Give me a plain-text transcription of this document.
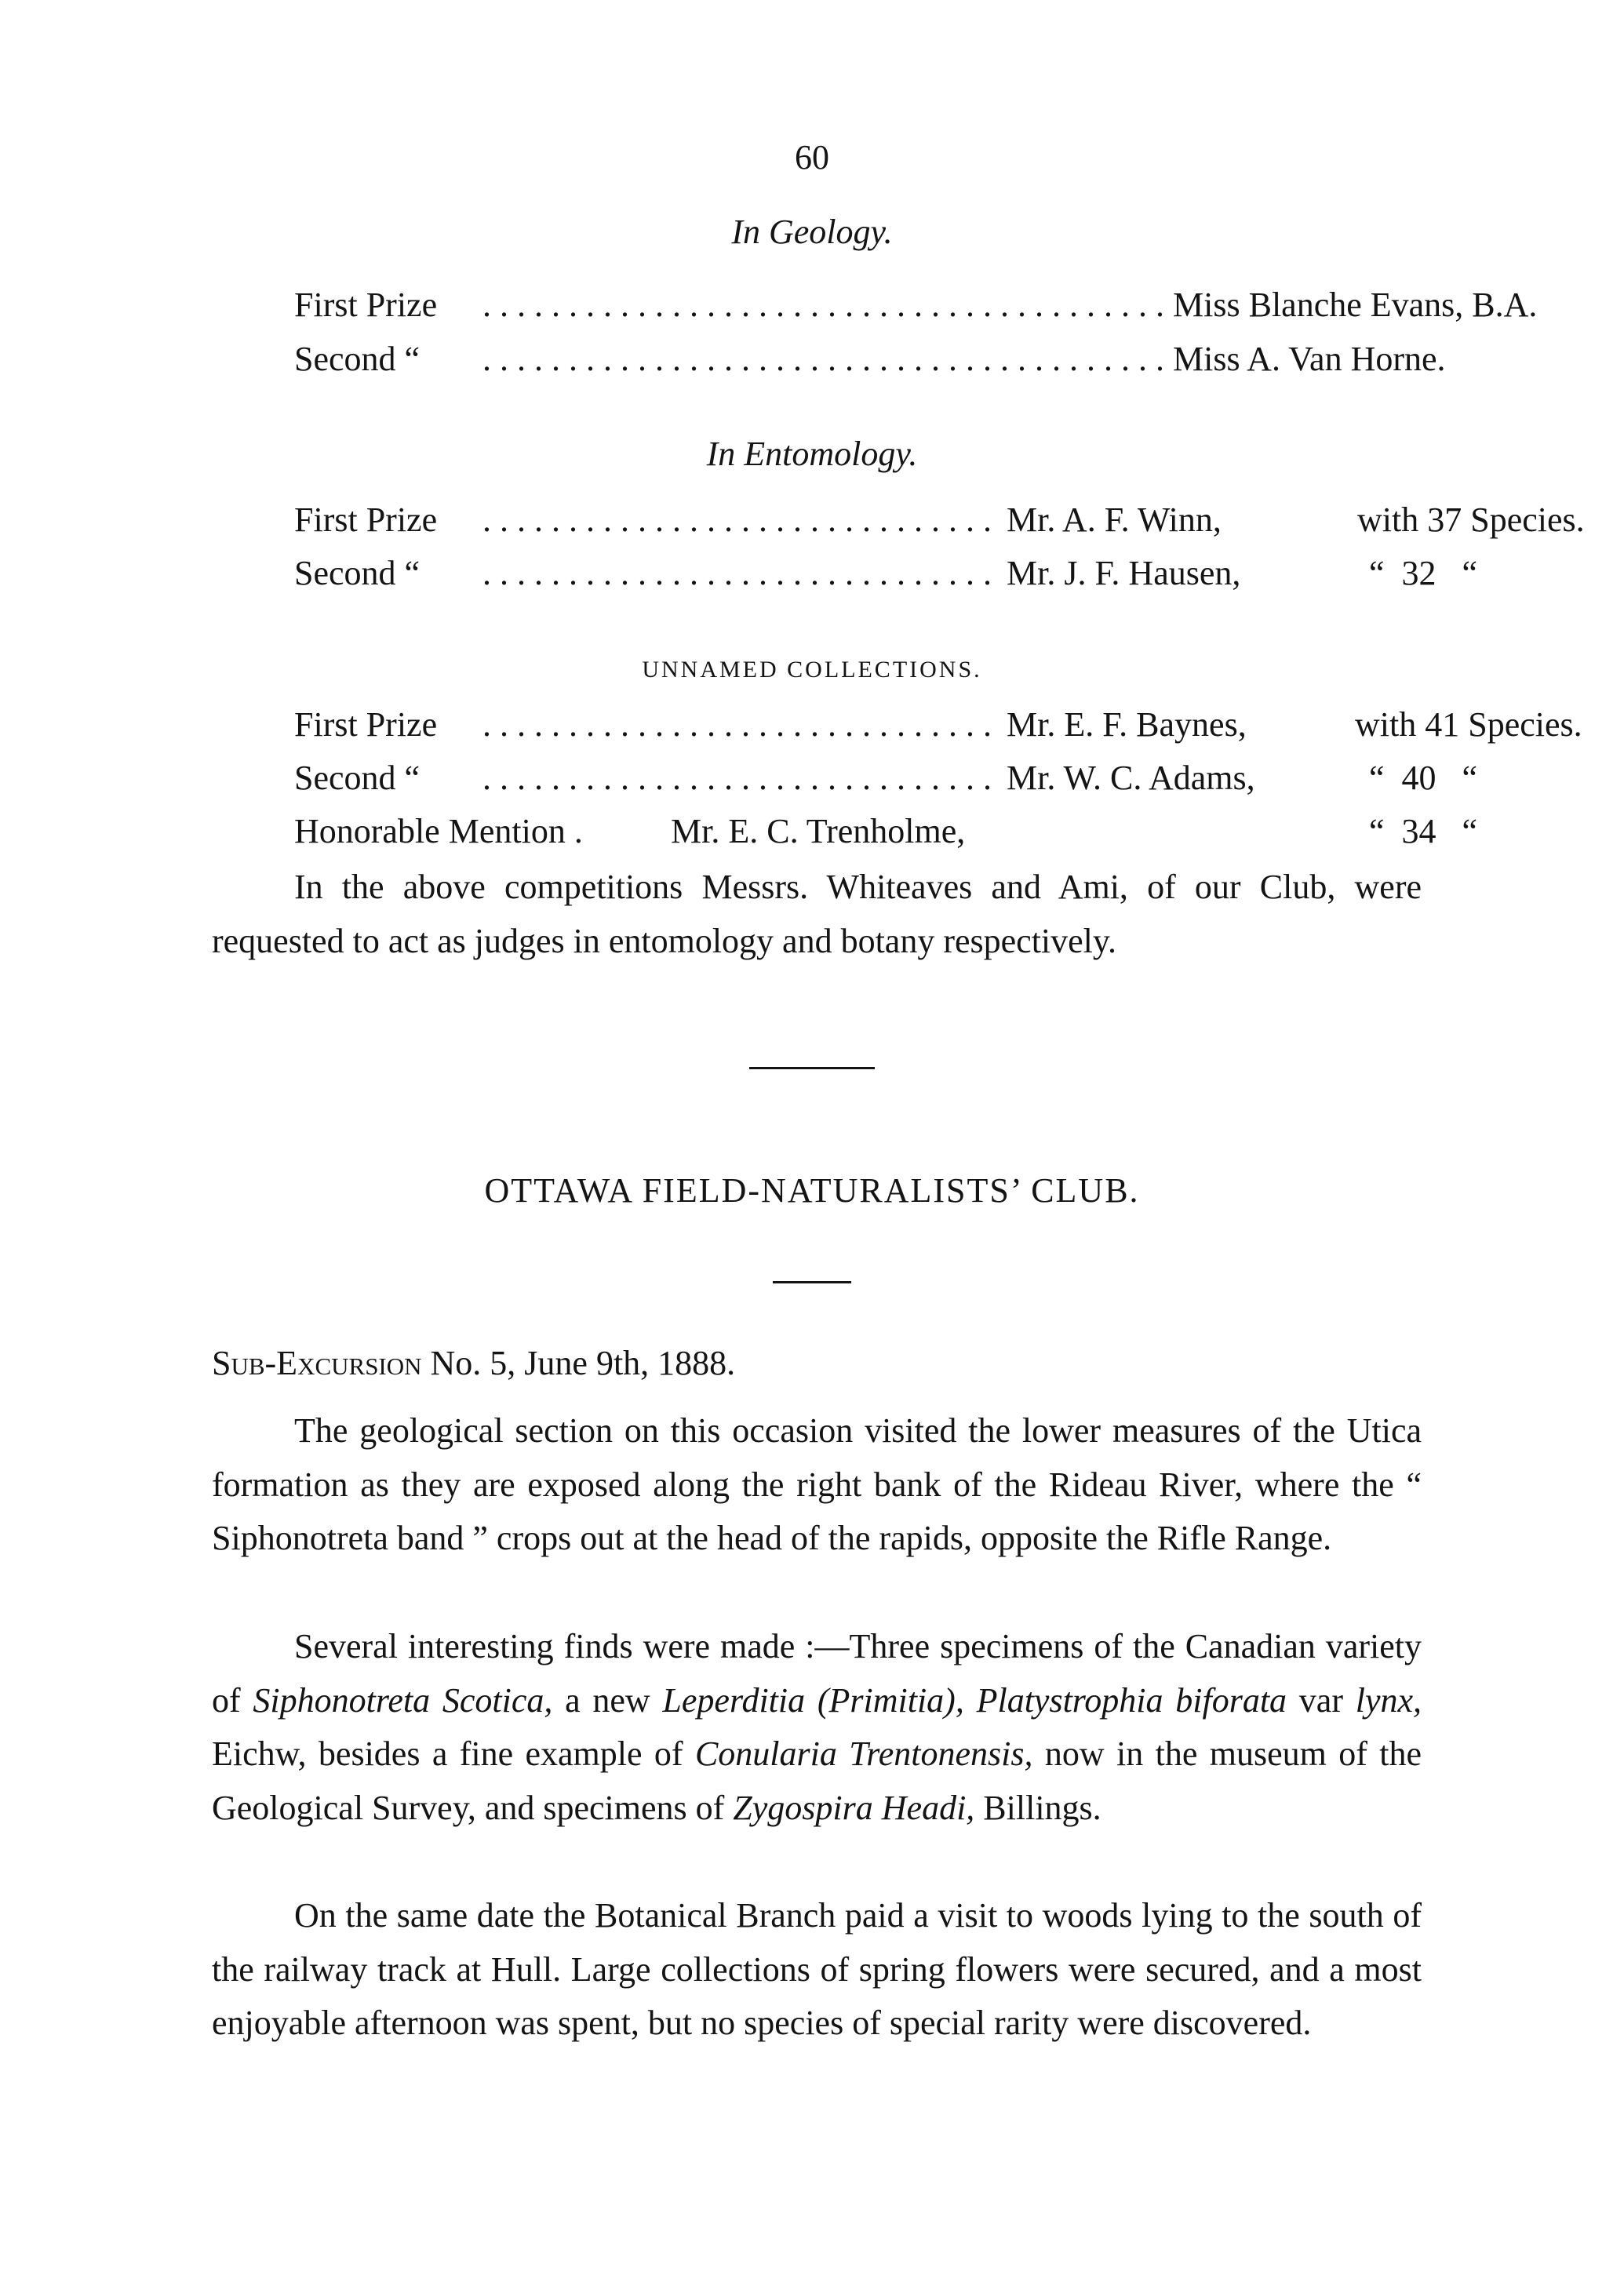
60
In Geology.
First Prize . . .	Miss Blanche Evans, B.A.
Second “ . . .	Miss A. Van Horne.
In Entomology.
First Prize . . .	Mr. A. F. Winn,	with 37 Species.
Second “ . . .	Mr. J. F. Hausen,	“  32   “
UNNAMED COLLECTIONS.
First Prize . . .	Mr. E. F. Baynes,	with 41 Species.
Second “ . . .	Mr. W. C. Adams,	“  40   “
Honorable Mention .	Mr. E. C. Trenholme,	“  34   “

In the above competitions Messrs. Whiteaves and Ami, of our Club, were requested to act as judges in entomology and botany respectively.

OTTAWA FIELD-NATURALISTS’ CLUB.
Sub-Excursion No. 5, June 9th, 1888.

The geological section on this occasion visited the lower measures of the Utica formation as they are exposed along the right bank of the Rideau River, where the “ Siphonotreta band ” crops out at the head of the rapids, opposite the Rifle Range.

Several interesting finds were made :—Three specimens of the Canadian variety of Siphonotreta Scotica, a new Leperditia (Primitia), Platystrophia biforata var lynx, Eichw, besides a fine example of Conularia Trentonensis, now in the museum of the Geological Survey, and specimens of Zygospira Headi, Billings.

On the same date the Botanical Branch paid a visit to woods lying to the south of the railway track at Hull. Large collections of spring flowers were secured, and a most enjoyable afternoon was spent, but no species of special rarity were discovered.
